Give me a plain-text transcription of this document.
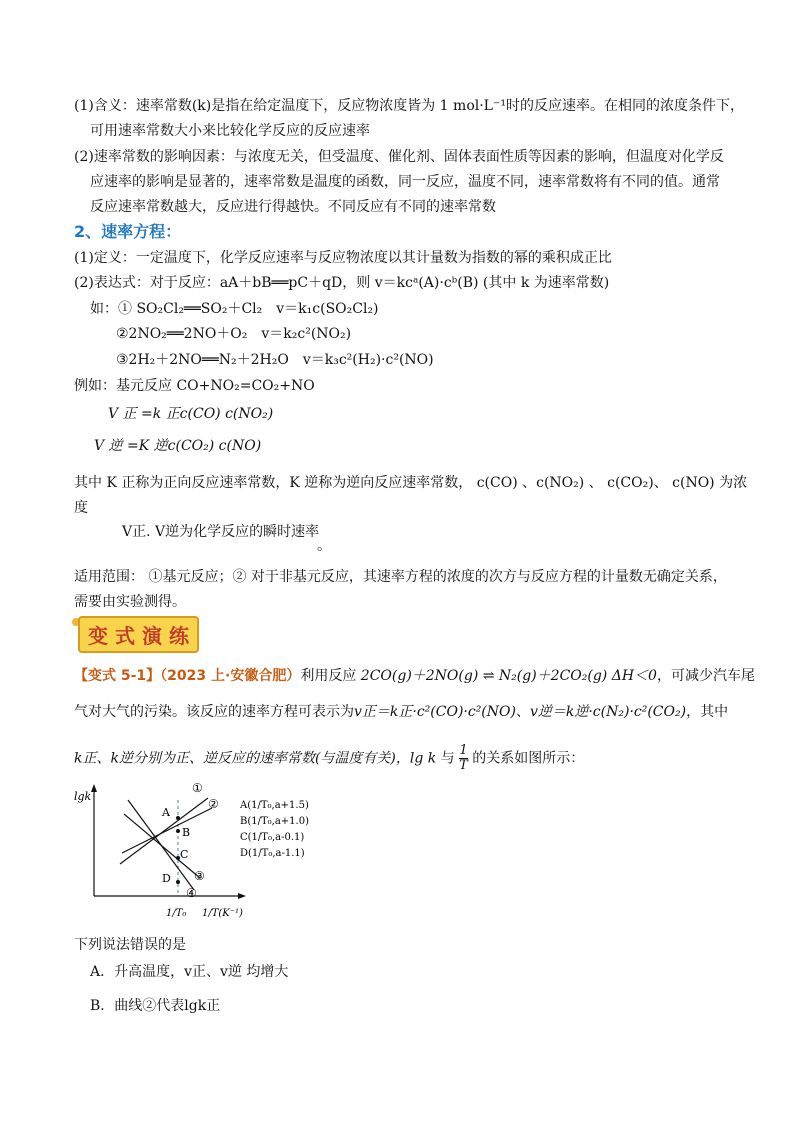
(1)含义：速率常数(k)是指在给定温度下，反应物浓度皆为 1 mol·L⁻¹时的反应速率。在相同的浓度条件下，
可用速率常数大小来比较化学反应的反应速率
(2)速率常数的影响因素：与浓度无关，但受温度、催化剂、固体表面性质等因素的影响，但温度对化学反
应速率的影响是显著的，速率常数是温度的函数，同一反应，温度不同，速率常数将有不同的值。通常
反应速率常数越大，反应进行得越快。不同反应有不同的速率常数
2、速率方程：
(1)定义：一定温度下，化学反应速率与反应物浓度以其计量数为指数的幂的乘积成正比
(2)表达式：对于反应：aA＋bB══pC＋qD，则 v＝kcᵃ(A)·cᵇ(B) (其中 k 为速率常数)
如：① SO₂Cl₂══SO₂＋Cl₂　v＝k₁c(SO₂Cl₂)
②2NO₂══2NO＋O₂　v＝k₂c²(NO₂)
③2H₂＋2NO══N₂＋2H₂O　v＝k₃c²(H₂)·c²(NO)
例如：基元反应 CO+NO₂=CO₂+NO
V 正 =k 正c(CO) c(NO₂)
V 逆 =K 逆c(CO₂) c(NO)
其中 K 正称为正向反应速率常数，K 逆称为逆向反应速率常数， c(CO) 、c(NO₂) 、 c(CO₂)、 c(NO) 为浓
度
V正. V逆为化学反应的瞬时速率
。
适用范围： ①基元反应；② 对于非基元反应，其速率方程的浓度的次方与反应方程的计量数无确定关系，
需要由实验测得。
变 式 演 练
【变式 5-1】（2023 上·安徽合肥）利用反应 2CO(g)＋2NO(g) ⇌ N₂(g)＋2CO₂(g) ΔH＜0，可减少汽车尾
气对大气的污染。该反应的速率方程可表示为v正＝k正·c²(CO)·c²(NO)、v逆＝k逆·c(N₂)·c²(CO₂)，其中
k正、k逆分别为正、逆反应的速率常数(与温度有关)，lg k 与 $\frac{1}{T}$ 的关系如图所示：
lgk
A
B
C
D
①
②
③
④
1/T₀ 1/T(K⁻¹)
A(1/T₀,a+1.5)
B(1/T₀,a+1.0)
C(1/T₀,a-0.1)
D(1/T₀,a-1.1)
下列说法错误的是
A．升高温度，v正、v逆 均增大
B．曲线②代表lgk正
